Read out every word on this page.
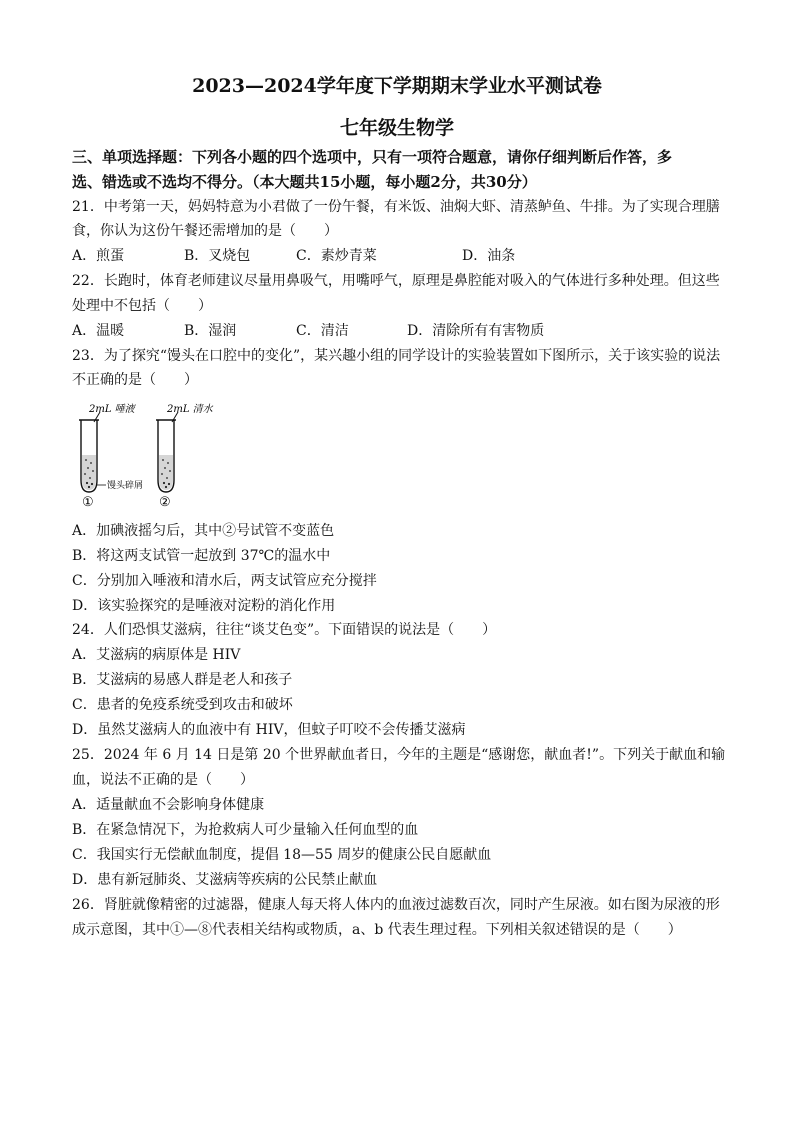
2023—2024学年度下学期期末学业水平测试卷
七年级生物学
三、单项选择题：下列各小题的四个选项中，只有一项符合题意，请你仔细判断后作答，多
选、错选或不选均不得分。（本大题共15小题，每小题2分，共30分）
21．中考第一天，妈妈特意为小君做了一份午餐，有米饭、油焖大虾、清蒸鲈鱼、牛排。为了实现合理膳
食，你认为这份午餐还需增加的是（　　）
A．煎蛋	B．叉烧包	C．素炒青菜	D．油条
22．长跑时，体育老师建议尽量用鼻吸气，用嘴呼气，原理是鼻腔能对吸入的气体进行多种处理。但这些
处理中不包括（　　）
A．温暖	B．湿润	C．清洁	D．清除所有有害物质
23．为了探究“馒头在口腔中的变化”，某兴趣小组的同学设计的实验装置如下图所示，关于该实验的说法
不正确的是（　　）
2mL 唾液	2mL 清水
馒头碎屑
①	②
A．加碘液摇匀后，其中②号试管不变蓝色
B．将这两支试管一起放到 37℃的温水中
C．分别加入唾液和清水后，两支试管应充分搅拌
D．该实验探究的是唾液对淀粉的消化作用
24．人们恐惧艾滋病，往往“谈艾色变”。下面错误的说法是（　　）
A．艾滋病的病原体是 HIV
B．艾滋病的易感人群是老人和孩子
C．患者的免疫系统受到攻击和破坏
D．虽然艾滋病人的血液中有 HIV，但蚊子叮咬不会传播艾滋病
25．2024 年 6 月 14 日是第 20 个世界献血者日，今年的主题是“感谢您，献血者!”。下列关于献血和输
血，说法不正确的是（　　）
A．适量献血不会影响身体健康
B．在紧急情况下，为抢救病人可少量输入任何血型的血
C．我国实行无偿献血制度，提倡 18—55 周岁的健康公民自愿献血
D．患有新冠肺炎、艾滋病等疾病的公民禁止献血
26．肾脏就像精密的过滤器，健康人每天将人体内的血液过滤数百次，同时产生尿液。如右图为尿液的形
成示意图，其中①—⑧代表相关结构或物质，a、b 代表生理过程。下列相关叙述错误的是（　　）
